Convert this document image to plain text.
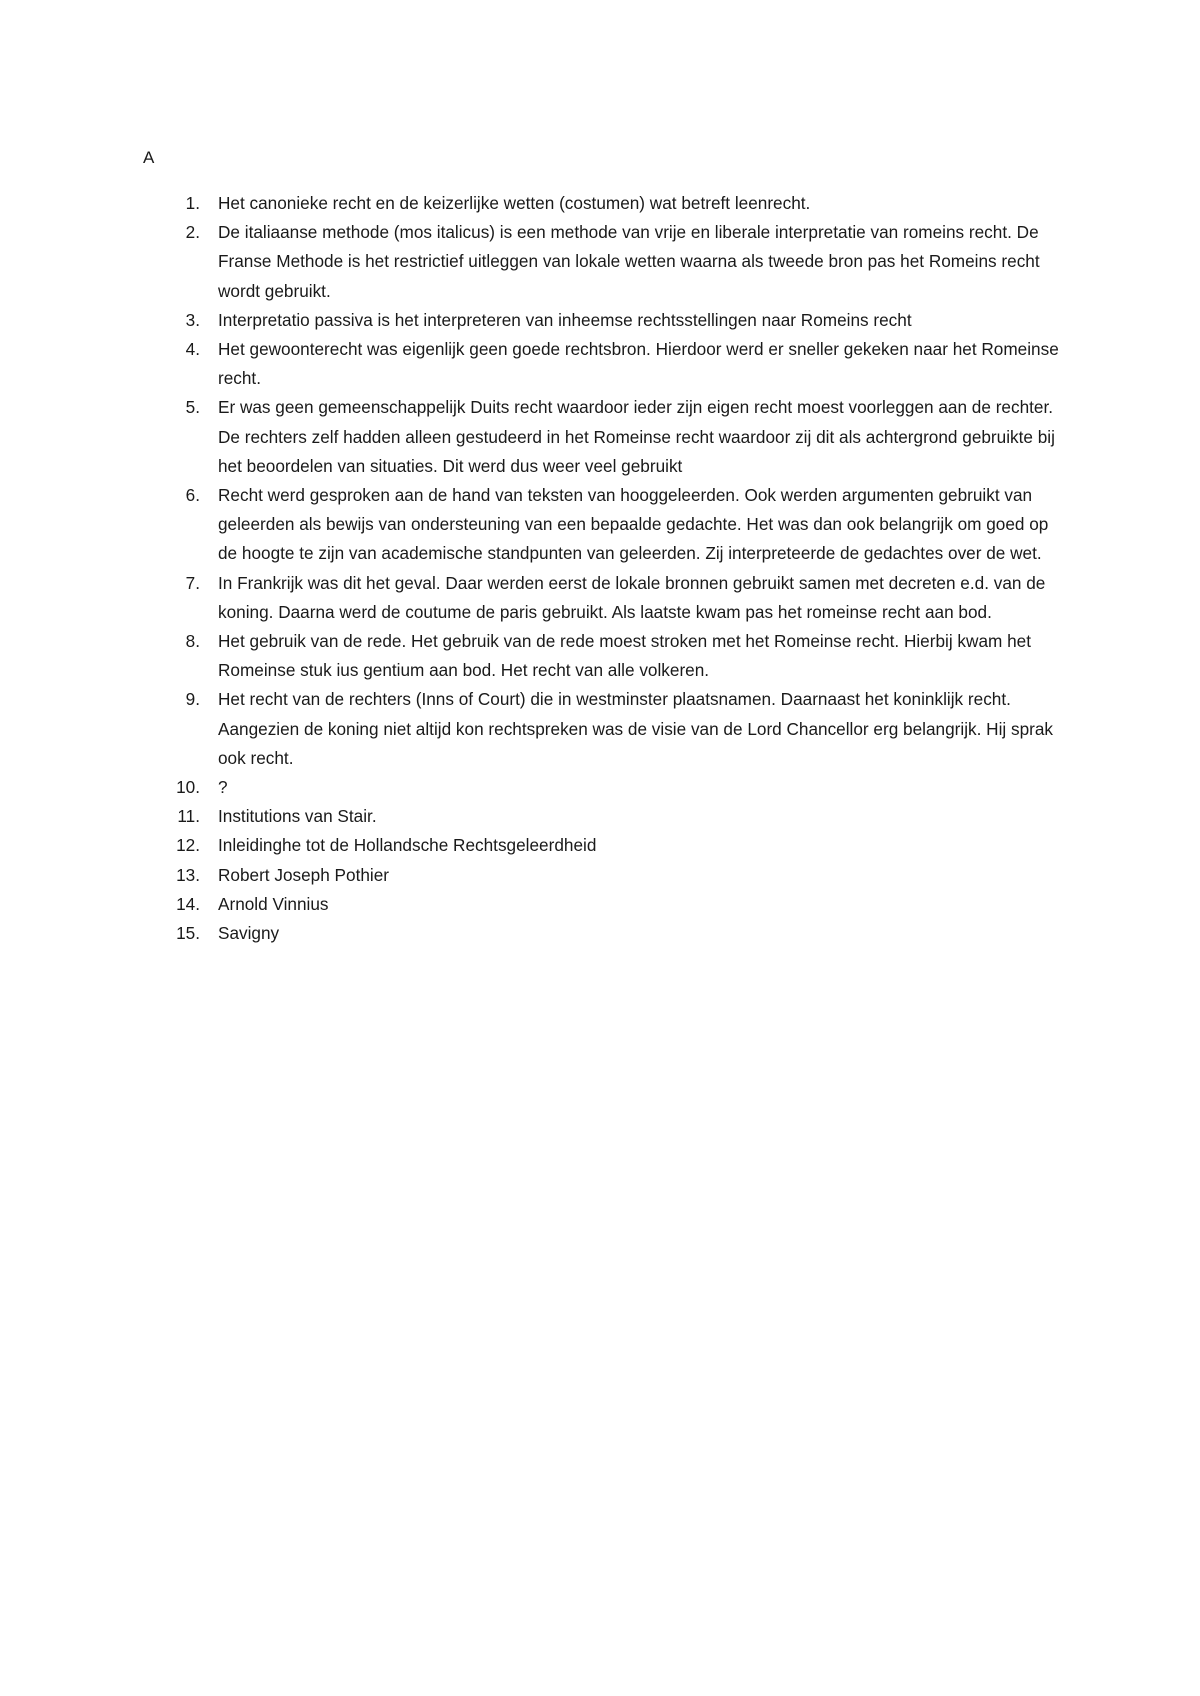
A
1. Het canonieke recht en de keizerlijke wetten (costumen) wat betreft leenrecht.
2. De italiaanse methode (mos italicus) is een methode van vrije en liberale interpretatie van romeins recht. De Franse Methode is het restrictief uitleggen van lokale wetten waarna als tweede bron pas het Romeins recht wordt gebruikt.
3. Interpretatio passiva is het interpreteren van inheemse rechtsstellingen naar Romeins recht
4. Het gewoonterecht was eigenlijk geen goede rechtsbron. Hierdoor werd er sneller gekeken naar het Romeinse recht.
5. Er was geen gemeenschappelijk Duits recht waardoor ieder zijn eigen recht moest voorleggen aan de rechter. De rechters zelf hadden alleen gestudeerd in het Romeinse recht waardoor zij dit als achtergrond gebruikte bij het beoordelen van situaties. Dit werd dus weer veel gebruikt
6. Recht werd gesproken aan de hand van teksten van hooggeleerden. Ook werden argumenten gebruikt van geleerden als bewijs van ondersteuning van een bepaalde gedachte. Het was dan ook belangrijk om goed op de hoogte te zijn van academische standpunten van geleerden. Zij interpreteerde de gedachtes over de wet.
7. In Frankrijk was dit het geval. Daar werden eerst de lokale bronnen gebruikt samen met decreten e.d. van de koning. Daarna werd de coutume de paris gebruikt. Als laatste kwam pas het romeinse recht aan bod.
8. Het gebruik van de rede. Het gebruik van de rede moest stroken met het Romeinse recht. Hierbij kwam het Romeinse stuk ius gentium aan bod. Het recht van alle volkeren.
9. Het recht van de rechters (Inns of Court) die in westminster plaatsnamen. Daarnaast het koninklijk recht. Aangezien de koning niet altijd kon rechtspreken was de visie van de Lord Chancellor erg belangrijk. Hij sprak ook recht.
10. ?
11. Institutions van Stair.
12. Inleidinghe tot de Hollandsche Rechtsgeleerdheid
13. Robert Joseph Pothier
14. Arnold Vinnius
15. Savigny
